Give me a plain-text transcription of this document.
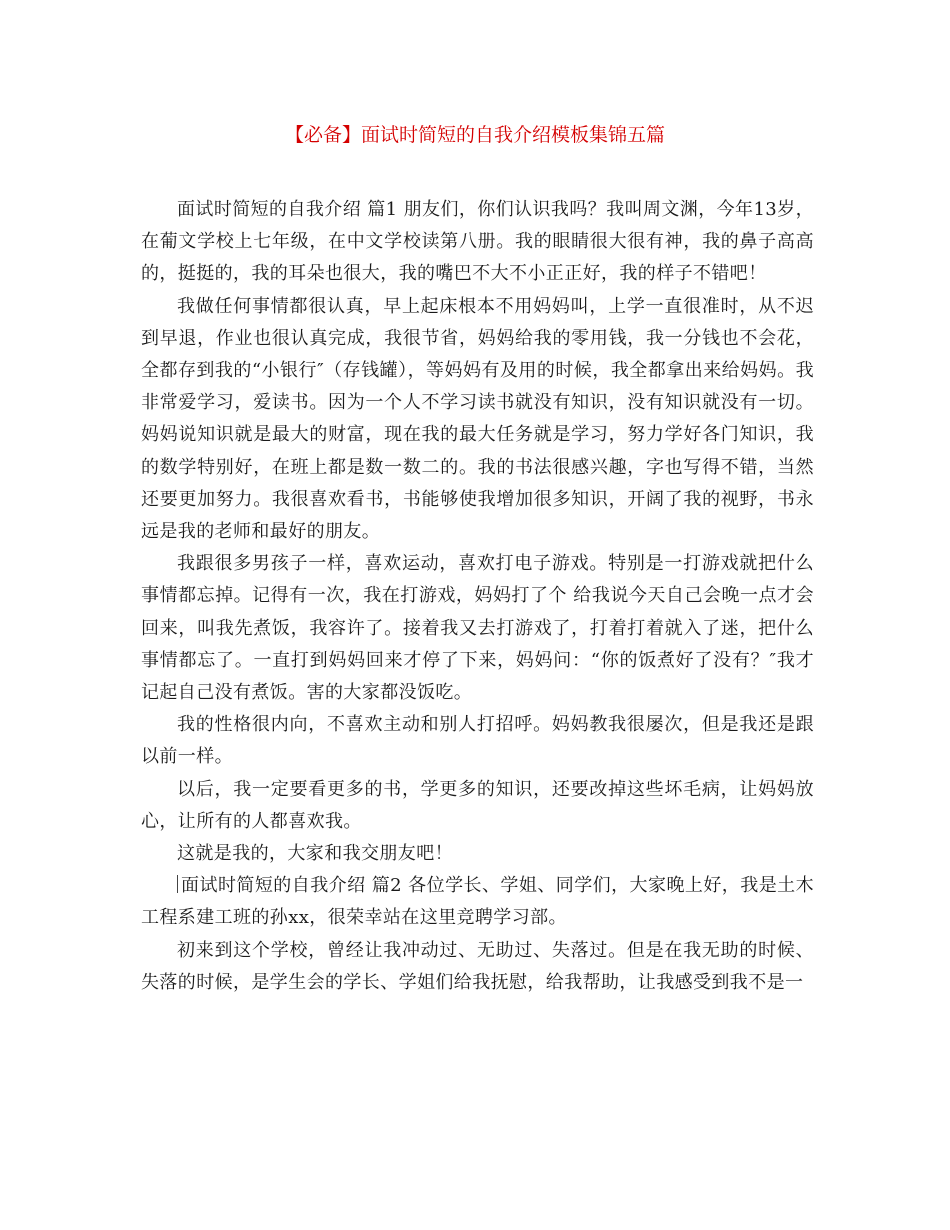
【必备】面试时简短的自我介绍模板集锦五篇

面试时简短的自我介绍 篇1 朋友们，你们认识我吗？我叫周文渊，今年13岁，在葡文学校上七年级，在中文学校读第八册。我的眼睛很大很有神，我的鼻子高高的，挺挺的，我的耳朵也很大，我的嘴巴不大不小正正好，我的样子不错吧！

我做任何事情都很认真，早上起床根本不用妈妈叫，上学一直很准时，从不迟到早退，作业也很认真完成，我很节省，妈妈给我的零用钱，我一分钱也不会花，全都存到我的“小银行″（存钱罐），等妈妈有及用的时候，我全都拿出来给妈妈。我非常爱学习，爱读书。因为一个人不学习读书就没有知识，没有知识就没有一切。妈妈说知识就是最大的财富，现在我的最大任务就是学习，努力学好各门知识，我的数学特别好，在班上都是数一数二的。我的书法很感兴趣，字也写得不错，当然还要更加努力。我很喜欢看书，书能够使我增加很多知识，开阔了我的视野，书永远是我的老师和最好的朋友。

我跟很多男孩子一样，喜欢运动，喜欢打电子游戏。特别是一打游戏就把什么事情都忘掉。记得有一次，我在打游戏，妈妈打了个 给我说今天自己会晚一点才会回来，叫我先煮饭，我容许了。接着我又去打游戏了，打着打着就入了迷，把什么事情都忘了。一直打到妈妈回来才停了下来，妈妈问：“你的饭煮好了没有？″我才记起自己没有煮饭。害的大家都没饭吃。

我的性格很内向，不喜欢主动和别人打招呼。妈妈教我很屡次，但是我还是跟以前一样。

以后，我一定要看更多的书，学更多的知识，还要改掉这些坏毛病，让妈妈放心，让所有的人都喜欢我。

这就是我的，大家和我交朋友吧！

面试时简短的自我介绍 篇2 各位学长、学姐、同学们，大家晚上好，我是土木工程系建工班的孙xx，很荣幸站在这里竞聘学习部。

初来到这个学校，曾经让我冲动过、无助过、失落过。但是在我无助的时候、失落的时候，是学生会的学长、学姐们给我抚慰，给我帮助，让我感受到我不是一
